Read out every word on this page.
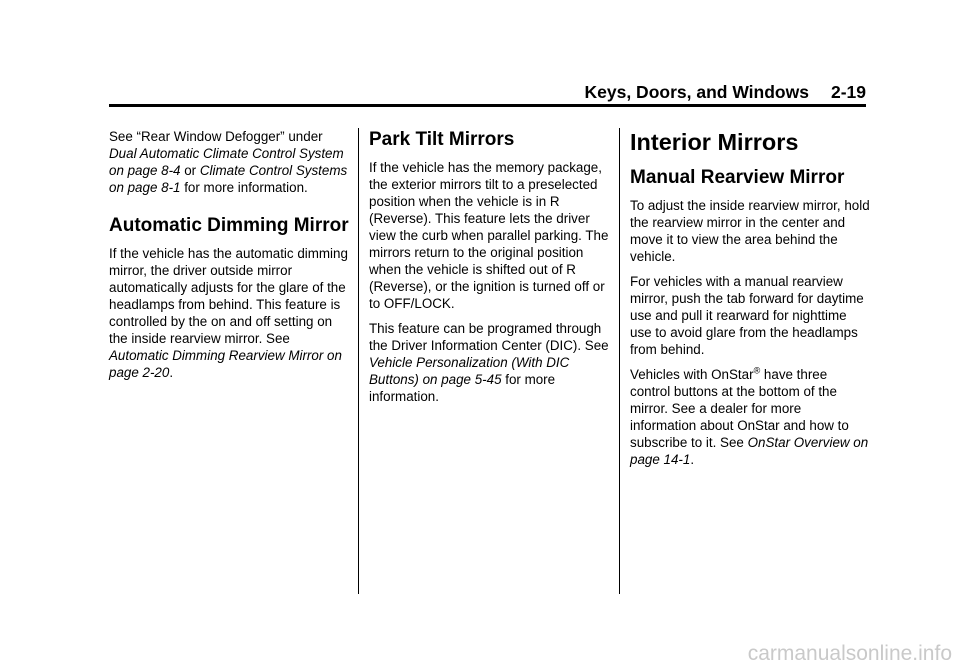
Keys, Doors, and Windows 2-19

See “Rear Window Defogger” under Dual Automatic Climate Control System on page 8-4 or Climate Control Systems on page 8-1 for more information.

Automatic Dimming Mirror

If the vehicle has the automatic dimming mirror, the driver outside mirror automatically adjusts for the glare of the headlamps from behind. This feature is controlled by the on and off setting on the inside rearview mirror. See Automatic Dimming Rearview Mirror on page 2-20.

Park Tilt Mirrors

If the vehicle has the memory package, the exterior mirrors tilt to a preselected position when the vehicle is in R (Reverse). This feature lets the driver view the curb when parallel parking. The mirrors return to the original position when the vehicle is shifted out of R (Reverse), or the ignition is turned off or to OFF/LOCK.

This feature can be programed through the Driver Information Center (DIC). See Vehicle Personalization (With DIC Buttons) on page 5-45 for more information.

Interior Mirrors
Manual Rearview Mirror

To adjust the inside rearview mirror, hold the rearview mirror in the center and move it to view the area behind the vehicle.

For vehicles with a manual rearview mirror, push the tab forward for daytime use and pull it rearward for nighttime use to avoid glare from the headlamps from behind.

Vehicles with OnStar® have three control buttons at the bottom of the mirror. See a dealer for more information about OnStar and how to subscribe to it. See OnStar Overview on page 14-1.

carmanualsonline.info
